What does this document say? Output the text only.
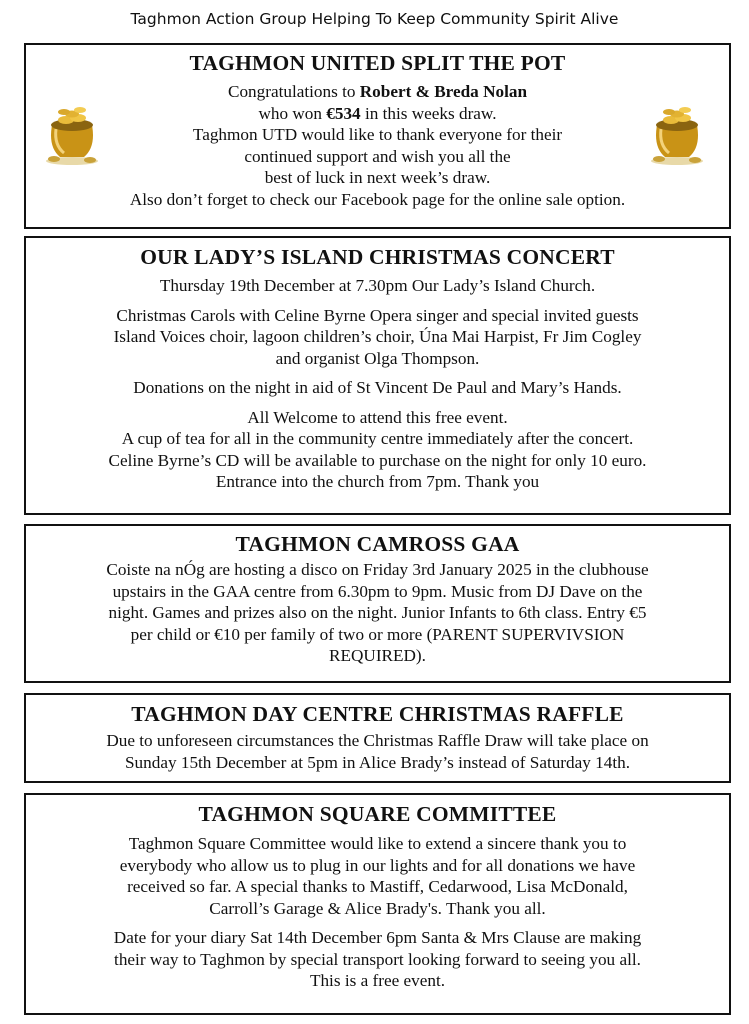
Taghmon Action Group Helping To Keep Community Spirit Alive
TAGHMON UNITED SPLIT THE POT

Congratulations to Robert & Breda Nolan

who won €534 in this weeks draw.

Taghmon UTD would like to thank everyone for their

continued support and wish you all the

best of luck in next week’s draw.

Also don’t forget to check our Facebook page for the online sale option.

OUR LADY’S ISLAND CHRISTMAS CONCERT

Thursday 19th December at 7.30pm Our Lady’s Island Church.

Christmas Carols with Celine Byrne Opera singer and special invited guests

Island Voices choir, lagoon children’s choir, Úna Mai Harpist, Fr Jim Cogley

and organist Olga Thompson.

Donations on the night in aid of St Vincent De Paul and Mary’s Hands.

All Welcome to attend this free event.

A cup of tea for all in the community centre immediately after the concert.

Celine Byrne’s CD will be available to purchase on the night for only 10 euro.

Entrance into the church from 7pm. Thank you

TAGHMON CAMROSS GAA

Coiste na nÓg are hosting a disco on Friday 3rd January 2025 in the clubhouse

upstairs in the GAA centre from 6.30pm to 9pm. Music from DJ Dave on the

night. Games and prizes also on the night. Junior Infants to 6th class. Entry €5

per child or €10 per family of two or more (PARENT SUPERVIVSION

REQUIRED).

TAGHMON DAY CENTRE CHRISTMAS RAFFLE

Due to unforeseen circumstances the Christmas Raffle Draw will take place on

Sunday 15th December at 5pm in Alice Brady’s instead of Saturday 14th.

TAGHMON SQUARE COMMITTEE

Taghmon Square Committee would like to extend a sincere thank you to

everybody who allow us to plug in our lights and for all donations we have

received so far. A special thanks to Mastiff, Cedarwood, Lisa McDonald,

Carroll’s Garage & Alice Brady's. Thank you all.

Date for your diary Sat 14th December 6pm Santa & Mrs Clause are making

their way to Taghmon by special transport looking forward to seeing you all.

This is a free event.
